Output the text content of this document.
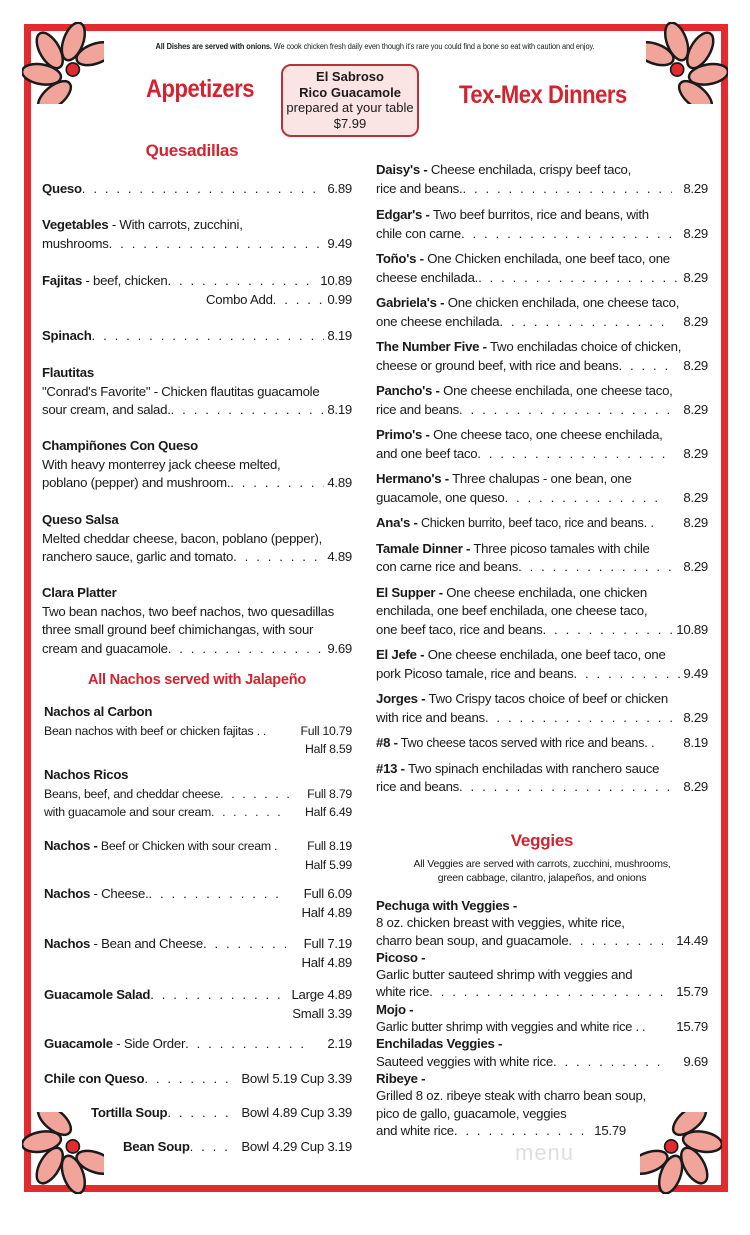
All Dishes are served with onions. We cook chicken fresh daily even though it's rare you could find a bone so eat with caution and enjoy.
Appetizers	Tex-Mex Dinners
El Sabroso
Rico Guacamole
prepared at your table
$7.99
Quesadillas
Queso . . .	6.89
Vegetables - With carrots, zucchini,
mushrooms . . .	9.49
Fajitas - beef, chicken . . .	10.89
Combo Add . . .	0.99
Spinach . . .	8.19
Flautitas
"Conrad's Favorite" - Chicken flautitas guacamole
sour cream, and salad. . . .	8.19
Champiñones Con Queso
With heavy monterrey jack cheese melted,
poblano (pepper) and mushroom. . . .	4.89
Queso Salsa
Melted cheddar cheese, bacon, poblano (pepper),
ranchero sauce, garlic and tomato . . .	4.89
Clara Platter
Two bean nachos, two beef nachos, two quesadillas
three small ground beef chimichangas, with sour
cream and guacamole . . .	9.69
All Nachos served with Jalapeño
Nachos al Carbon
Bean nachos with beef or chicken fajitas . .	Full 10.79
Half 8.59
Nachos Ricos
Beans, beef, and cheddar cheese . . .	Full 8.79
with guacamole and sour cream . . .	Half 6.49
Nachos - Beef or Chicken with sour cream . Full 8.19
Half 5.99
Nachos - Cheese. . . .	Full 6.09
Half 4.89
Nachos - Bean and Cheese . . .	Full 7.19
Half 4.89
Guacamole Salad . . .	Large 4.89
Small 3.39
Guacamole - Side Order . . .	2.19
Chile con Queso . . .	Bowl 5.19 Cup 3.39
Tortilla Soup . . .	Bowl 4.89 Cup 3.39
Bean Soup . . .	Bowl 4.29 Cup 3.19
Daisy's - Cheese enchilada, crispy beef taco,
rice and beans. . . .	8.29
Edgar's - Two beef burritos, rice and beans, with
chile con carne . . .	8.29
Toño's - One Chicken enchilada, one beef taco, one
cheese enchilada. . . .	8.29
Gabriela's - One chicken enchilada, one cheese taco,
one cheese enchilada . . .	8.29
The Number Five - Two enchiladas choice of chicken,
cheese or ground beef, with rice and beans . . .	8.29
Pancho's - One cheese enchilada, one cheese taco,
rice and beans . . .	8.29
Primo's - One cheese taco, one cheese enchilada,
and one beef taco . . .	8.29
Hermano's - Three chalupas - one bean, one
guacamole, one queso . . .	8.29
Ana's - Chicken burrito, beef taco, rice and beans . .	8.29
Tamale Dinner - Three picoso tamales with chile
con carne rice and beans . . .	8.29
El Supper - One cheese enchilada, one chicken
enchilada, one beef enchilada, one cheese taco,
one beef taco, rice and beans . . .	10.89
El Jefe - One cheese enchilada, one beef taco, one
pork Picoso tamale, rice and beans . . .	9.49
Jorges - Two Crispy tacos choice of beef or chicken
with rice and beans . . .	8.29
#8 - Two cheese tacos served with rice and beans . .	8.19
#13 - Two spinach enchiladas with ranchero sauce
rice and beans . . .	8.29
Veggies
All Veggies are served with carrots, zucchini, mushrooms,
green cabbage, cilantro, jalapeños, and onions
Pechuga with Veggies -
8 oz. chicken breast with veggies, white rice,
charro bean soup, and guacamole . . .	14.49
Picoso -
Garlic butter sauteed shrimp with veggies and
white rice . . .	15.79
Mojo -
Garlic butter shrimp with veggies and white rice . . 15.79
Enchiladas Veggies -
Sauteed veggies with white rice . . .	9.69
Ribeye -
Grilled 8 oz. ribeye steak with charro bean soup,
pico de gallo, guacamole, veggies
and white rice . . .	15.79
menu
